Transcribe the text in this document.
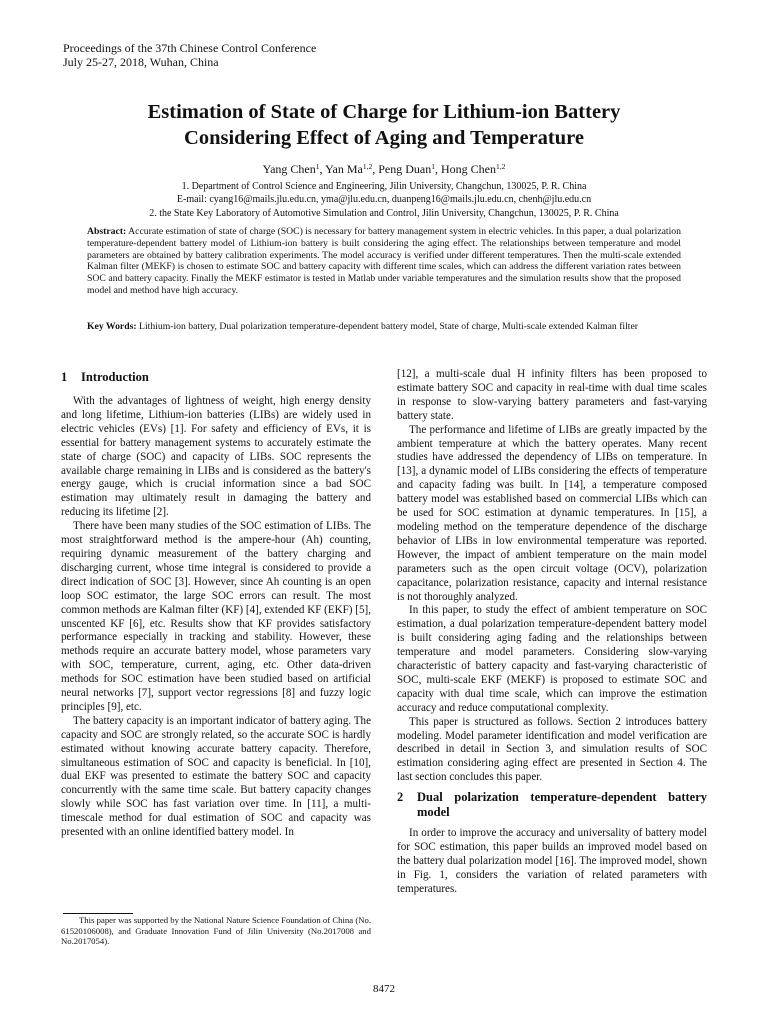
Proceedings of the 37th Chinese Control Conference
July 25-27, 2018, Wuhan, China
Estimation of State of Charge for Lithium-ion Battery
Considering Effect of Aging and Temperature
Yang Chen$^1$, Yan Ma$^{1,2}$, Peng Duan$^1$, Hong Chen$^{1,2}$
1. Department of Control Science and Engineering, Jilin University, Changchun, 130025, P. R. China
E-mail: cyang16@mails.jlu.edu.cn, yma@jlu.edu.cn, duanpeng16@mails.jlu.edu.cn, chenh@jlu.edu.cn
2. the State Key Laboratory of Automotive Simulation and Control, Jilin University, Changchun, 130025, P. R. China
Abstract: Accurate estimation of state of charge (SOC) is necessary for battery management system in electric vehicles. In this paper, a dual polarization temperature-dependent battery model of Lithium-ion battery is built considering the aging effect. The relationships between temperature and model parameters are obtained by battery calibration experiments. The model accuracy is verified under different temperatures. Then the multi-scale extended Kalman filter (MEKF) is chosen to estimate SOC and battery capacity with different time scales, which can address the different variation rates between SOC and battery capacity. Finally the MEKF estimator is tested in Matlab under variable temperatures and the simulation results show that the proposed model and method have high accuracy.
Key Words: Lithium-ion battery, Dual polarization temperature-dependent battery model, State of charge, Multi-scale extended Kalman filter
1	Introduction

With the advantages of lightness of weight, high energy density and long lifetime, Lithium-ion batteries (LIBs) are widely used in electric vehicles (EVs) [1]. For safety and efficiency of EVs, it is essential for battery management systems to accurately estimate the state of charge (SOC) and capacity of LIBs. SOC represents the available charge remaining in LIBs and is considered as the battery's energy gauge, which is crucial information since a bad SOC estimation may ultimately result in damaging the battery and reducing its lifetime [2].

There have been many studies of the SOC estimation of LIBs. The most straightforward method is the ampere-hour (Ah) counting, requiring dynamic measurement of the battery charging and discharging current, whose time integral is considered to provide a direct indication of SOC [3]. However, since Ah counting is an open loop SOC estimator, the large SOC errors can result. The most common methods are Kalman filter (KF) [4], extended KF (EKF) [5], unscented KF [6], etc. Results show that KF provides satisfactory performance especially in tracking and stability. However, these methods require an accurate battery model, whose parameters vary with SOC, temperature, current, aging, etc. Other data-driven methods for SOC estimation have been studied based on artificial neural networks [7], support vector regressions [8] and fuzzy logic principles [9], etc.

The battery capacity is an important indicator of battery aging. The capacity and SOC are strongly related, so the accurate SOC is hardly estimated without knowing accurate battery capacity. Therefore, simultaneous estimation of SOC and capacity is beneficial. In [10], dual EKF was presented to estimate the battery SOC and capacity concurrently with the same time scale. But battery capacity changes slowly while SOC has fast variation over time. In [11], a multi-timescale method for dual estimation of SOC and capacity was presented with an online identified battery model. In

This paper was supported by the National Nature Science Foundation of China (No. 61520106008), and Graduate Innovation Fund of Jilin University (No.2017008 and No.2017054).

[12], a multi-scale dual H infinity filters has been proposed to estimate battery SOC and capacity in real-time with dual time scales in response to slow-varying battery parameters and fast-varying battery state.

The performance and lifetime of LIBs are greatly impacted by the ambient temperature at which the battery operates. Many recent studies have addressed the dependency of LIBs on temperature. In [13], a dynamic model of LIBs considering the effects of temperature and capacity fading was built. In [14], a temperature composed battery model was established based on commercial LIBs which can be used for SOC estimation at dynamic temperatures. In [15], a modeling method on the temperature dependence of the discharge behavior of LIBs in low environmental temperature was reported. However, the impact of ambient temperature on the main model parameters such as the open circuit voltage (OCV), polarization capacitance, polarization resistance, capacity and internal resistance is not thoroughly analyzed.

In this paper, to study the effect of ambient temperature on SOC estimation, a dual polarization temperature-dependent battery model is built considering aging fading and the relationships between temperature and model parameters. Considering slow-varying characteristic of battery capacity and fast-varying characteristic of SOC, multi-scale EKF (MEKF) is proposed to estimate SOC and capacity with dual time scale, which can improve the estimation accuracy and reduce computational complexity.

This paper is structured as follows. Section 2 introduces battery modeling. Model parameter identification and model verification are described in detail in Section 3, and simulation results of SOC estimation considering aging effect are presented in Section 4. The last section concludes this paper.

2	Dual polarization temperature-dependent battery model

In order to improve the accuracy and universality of battery model for SOC estimation, this paper builds an improved model based on the battery dual polarization model [16]. The improved model, shown in Fig. 1, considers the variation of related parameters with temperatures.

8472
